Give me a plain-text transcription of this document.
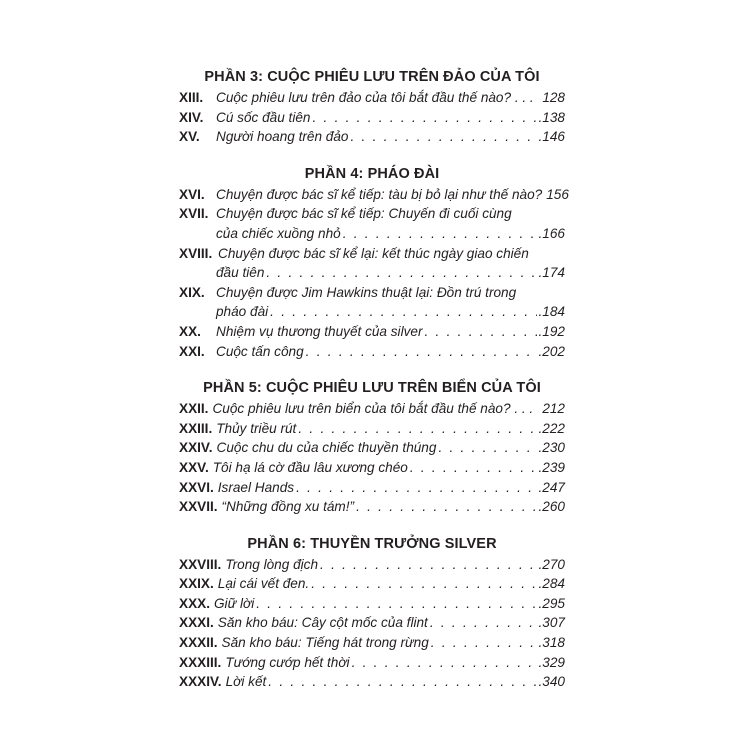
PHẦN 3: CUỘC PHIÊU LƯU TRÊN ĐẢO CỦA TÔI
XIII. Cuộc phiêu lưu trên đảo của tôi bắt đầu thế nào? . . . 128
XIV. Cú sốc đầu tiên . . .	.138
XV.	Người hoang trên đảo . . .	.146
PHẦN 4: PHÁO ĐÀI
XVI. Chuyện được bác sĩ kể tiếp: tàu bị bỏ lại như thế nào? 156
XVII. Chuyện được bác sĩ kể tiếp: Chuyến đi cuối cùng
của chiếc xuồng nhỏ . . .	.166
XVIII. Chuyện được bác sĩ kể lại: kết thúc ngày giao chiến
đầu tiên . . .	.174
XIX. Chuyện được Jim Hawkins thuật lại: Đồn trú trong
pháo đài . . .	.184
XX.	Nhiệm vụ thương thuyết của silver . . .	.192
XXI. Cuộc tấn công . . .	.202
PHẦN 5: CUỘC PHIÊU LƯU TRÊN BIỂN CỦA TÔI
XXII. Cuộc phiêu lưu trên biển của tôi bắt đầu thế nào? . . . 212
XXIII. Thủy triều rút . . .	.222
XXIV. Cuộc chu du của chiếc thuyền thúng . . .	.230
XXV. Tôi hạ lá cờ đầu lâu xương chéo . . .	.239
XXVI. Israel Hands . . .	.247
XXVII. “Những đồng xu tám!” . . .	.260
PHẦN 6: THUYỀN TRƯỞNG SILVER
XXVIII. Trong lòng địch . . .	.270
XXIX. Lại cái vết đen. . . .	.284
XXX. Giữ lời . . .	.295
XXXI. Săn kho báu: Cây cột mốc của flint . . .	.307
XXXII. Săn kho báu: Tiếng hát trong rừng . . .	.318
XXXIII. Tướng cướp hết thời . . .	.329
XXXIV. Lời kết . . .	.340
